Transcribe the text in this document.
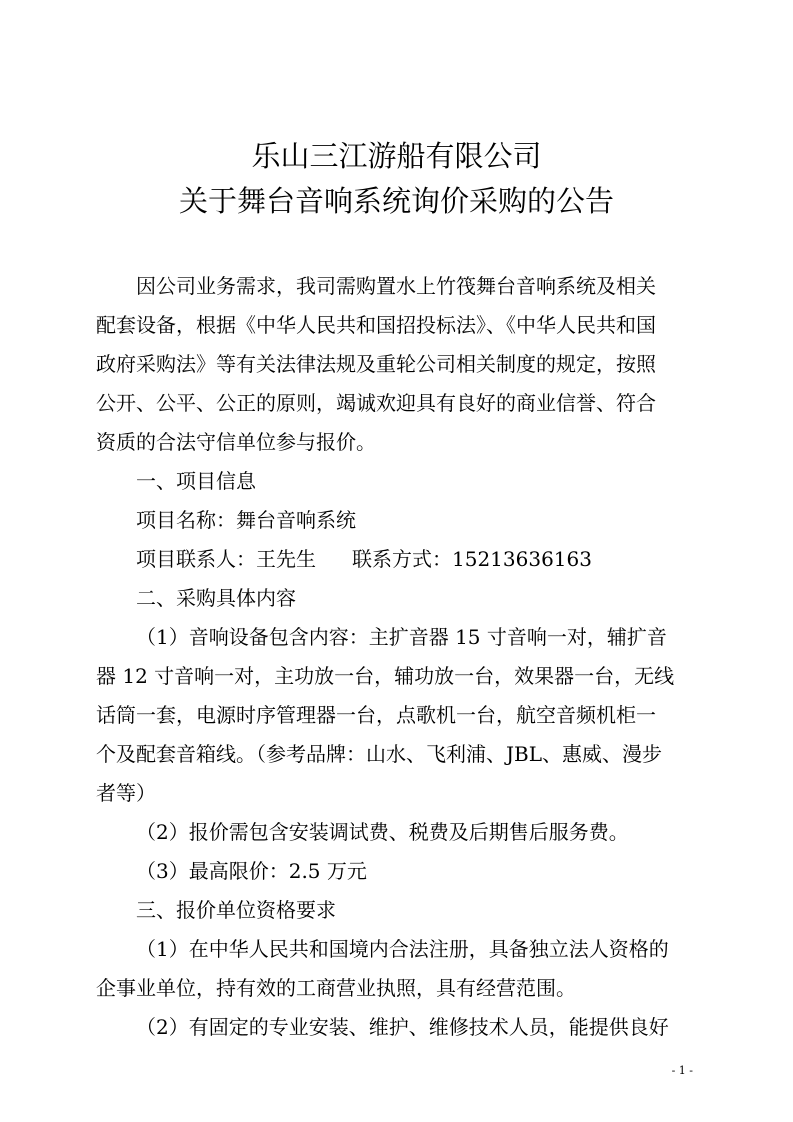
乐山三江游船有限公司
关于舞台音响系统询价采购的公告
因公司业务需求，我司需购置水上竹筏舞台音响系统及相关
配套设备，根据《中华人民共和国招投标法》、《中华人民共和国
政府采购法》等有关法律法规及重轮公司相关制度的规定，按照
公开、公平、公正的原则，竭诚欢迎具有良好的商业信誉、符合
资质的合法守信单位参与报价。
一、项目信息
项目名称：舞台音响系统
项目联系人：王先生 联系方式：15213636163
二、采购具体内容
（1）音响设备包含内容：主扩音器 15 寸音响一对，辅扩音
器 12 寸音响一对，主功放一台，辅功放一台，效果器一台，无线
话筒一套，电源时序管理器一台，点歌机一台，航空音频机柜一
个及配套音箱线。（参考品牌：山水、飞利浦、JBL、惠威、漫步
者等）
（2）报价需包含安装调试费、税费及后期售后服务费。
（3）最高限价：2.5 万元
三、报价单位资格要求
（1）在中华人民共和国境内合法注册，具备独立法人资格的
企事业单位，持有效的工商营业执照，具有经营范围。
（2）有固定的专业安装、维护、维修技术人员，能提供良好
- 1 -
